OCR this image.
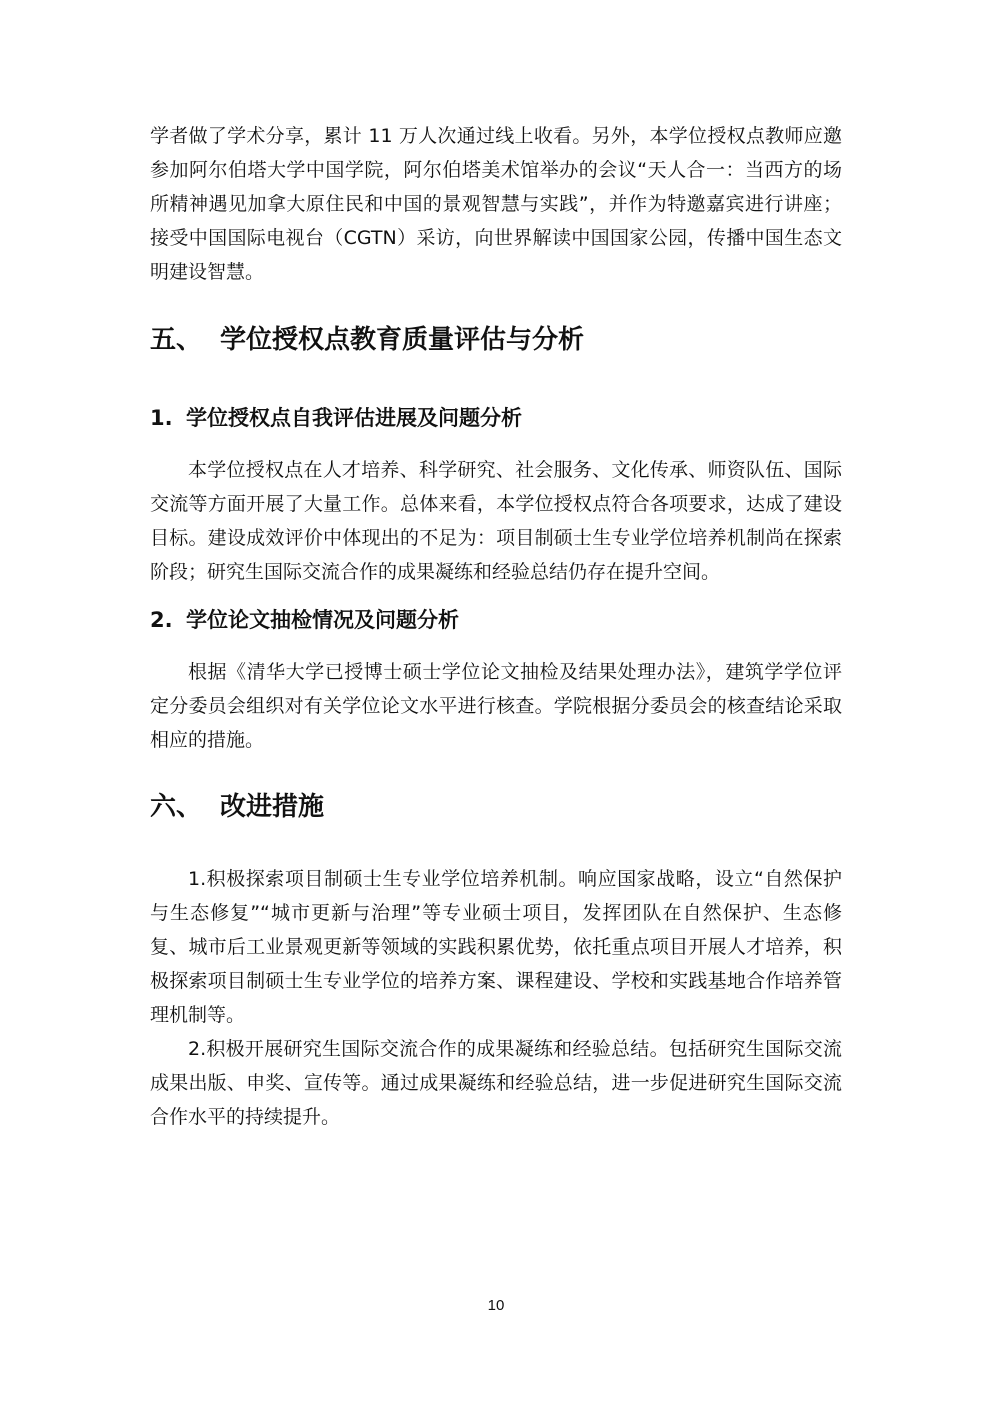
学者做了学术分享，累计 11 万人次通过线上收看。另外，本学位授权点教师应邀参加阿尔伯塔大学中国学院，阿尔伯塔美术馆举办的会议“天人合一：当西方的场所精神遇见加拿大原住民和中国的景观智慧与实践”，并作为特邀嘉宾进行讲座；接受中国国际电视台（CGTN）采访，向世界解读中国国家公园，传播中国生态文明建设智慧。

五、 学位授权点教育质量评估与分析
1. 学位授权点自我评估进展及问题分析

本学位授权点在人才培养、科学研究、社会服务、文化传承、师资队伍、国际交流等方面开展了大量工作。总体来看，本学位授权点符合各项要求，达成了建设目标。建设成效评价中体现出的不足为：项目制硕士生专业学位培养机制尚在探索阶段；研究生国际交流合作的成果凝练和经验总结仍存在提升空间。

2. 学位论文抽检情况及问题分析

根据《清华大学已授博士硕士学位论文抽检及结果处理办法》，建筑学学位评定分委员会组织对有关学位论文水平进行核查。学院根据分委员会的核查结论采取相应的措施。

六、 改进措施

1.积极探索项目制硕士生专业学位培养机制。响应国家战略，设立“自然保护与生态修复”“城市更新与治理”等专业硕士项目，发挥团队在自然保护、生态修复、城市后工业景观更新等领域的实践积累优势，依托重点项目开展人才培养，积极探索项目制硕士生专业学位的培养方案、课程建设、学校和实践基地合作培养管理机制等。

2.积极开展研究生国际交流合作的成果凝练和经验总结。包括研究生国际交流成果出版、申奖、宣传等。通过成果凝练和经验总结，进一步促进研究生国际交流合作水平的持续提升。

10
